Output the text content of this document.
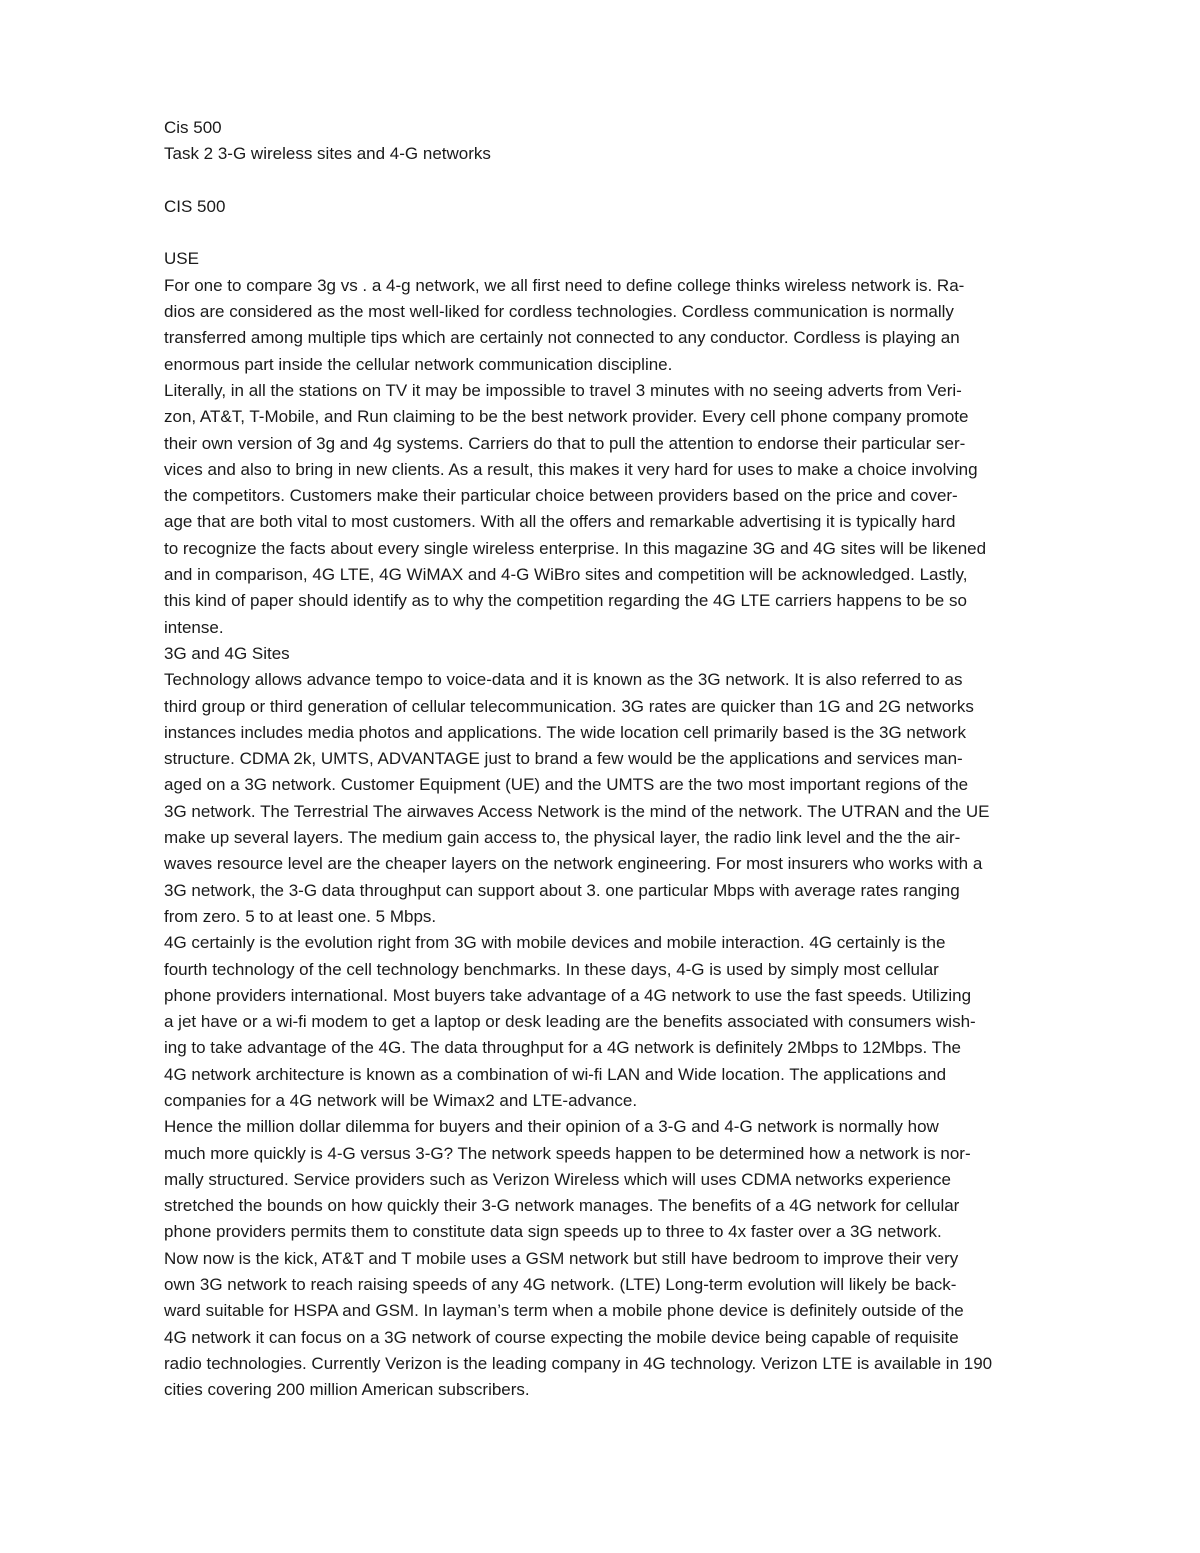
Cis 500
Task 2 3-G wireless sites and 4-G networks
CIS 500
USE
For one to compare 3g vs . a 4-g network, we all first need to define college thinks wireless network is. Ra-
dios are considered as the most well-liked for cordless technologies. Cordless communication is normally
transferred among multiple tips which are certainly not connected to any conductor. Cordless is playing an
enormous part inside the cellular network communication discipline.
Literally, in all the stations on TV it may be impossible to travel 3 minutes with no seeing adverts from Veri-
zon, AT&T, T-Mobile, and Run claiming to be the best network provider. Every cell phone company promote
their own version of 3g and 4g systems. Carriers do that to pull the attention to endorse their particular ser-
vices and also to bring in new clients. As a result, this makes it very hard for uses to make a choice involving
the competitors. Customers make their particular choice between providers based on the price and cover-
age that are both vital to most customers. With all the offers and remarkable advertising it is typically hard
to recognize the facts about every single wireless enterprise. In this magazine 3G and 4G sites will be likened
and in comparison, 4G LTE, 4G WiMAX and 4-G WiBro sites and competition will be acknowledged. Lastly,
this kind of paper should identify as to why the competition regarding the 4G LTE carriers happens to be so
intense.
3G and 4G Sites
Technology allows advance tempo to voice-data and it is known as the 3G network. It is also referred to as
third group or third generation of cellular telecommunication. 3G rates are quicker than 1G and 2G networks
instances includes media photos and applications. The wide location cell primarily based is the 3G network
structure. CDMA 2k, UMTS, ADVANTAGE just to brand a few would be the applications and services man-
aged on a 3G network. Customer Equipment (UE) and the UMTS are the two most important regions of the
3G network. The Terrestrial The airwaves Access Network is the mind of the network. The UTRAN and the UE
make up several layers. The medium gain access to, the physical layer, the radio link level and the the air-
waves resource level are the cheaper layers on the network engineering. For most insurers who works with a
3G network, the 3-G data throughput can support about 3. one particular Mbps with average rates ranging
from zero. 5 to at least one. 5 Mbps.
4G certainly is the evolution right from 3G with mobile devices and mobile interaction. 4G certainly is the
fourth technology of the cell technology benchmarks. In these days, 4-G is used by simply most cellular
phone providers international. Most buyers take advantage of a 4G network to use the fast speeds. Utilizing
a jet have or a wi-fi modem to get a laptop or desk leading are the benefits associated with consumers wish-
ing to take advantage of the 4G. The data throughput for a 4G network is definitely 2Mbps to 12Mbps. The
4G network architecture is known as a combination of wi-fi LAN and Wide location. The applications and
companies for a 4G network will be Wimax2 and LTE-advance.
Hence the million dollar dilemma for buyers and their opinion of a 3-G and 4-G network is normally how
much more quickly is 4-G versus 3-G? The network speeds happen to be determined how a network is nor-
mally structured. Service providers such as Verizon Wireless which will uses CDMA networks experience
stretched the bounds on how quickly their 3-G network manages. The benefits of a 4G network for cellular
phone providers permits them to constitute data sign speeds up to three to 4x faster over a 3G network.
Now now is the kick, AT&T and T mobile uses a GSM network but still have bedroom to improve their very
own 3G network to reach raising speeds of any 4G network. (LTE) Long-term evolution will likely be back-
ward suitable for HSPA and GSM. In layman’s term when a mobile phone device is definitely outside of the
4G network it can focus on a 3G network of course expecting the mobile device being capable of requisite
radio technologies. Currently Verizon is the leading company in 4G technology. Verizon LTE is available in 190
cities covering 200 million American subscribers.
